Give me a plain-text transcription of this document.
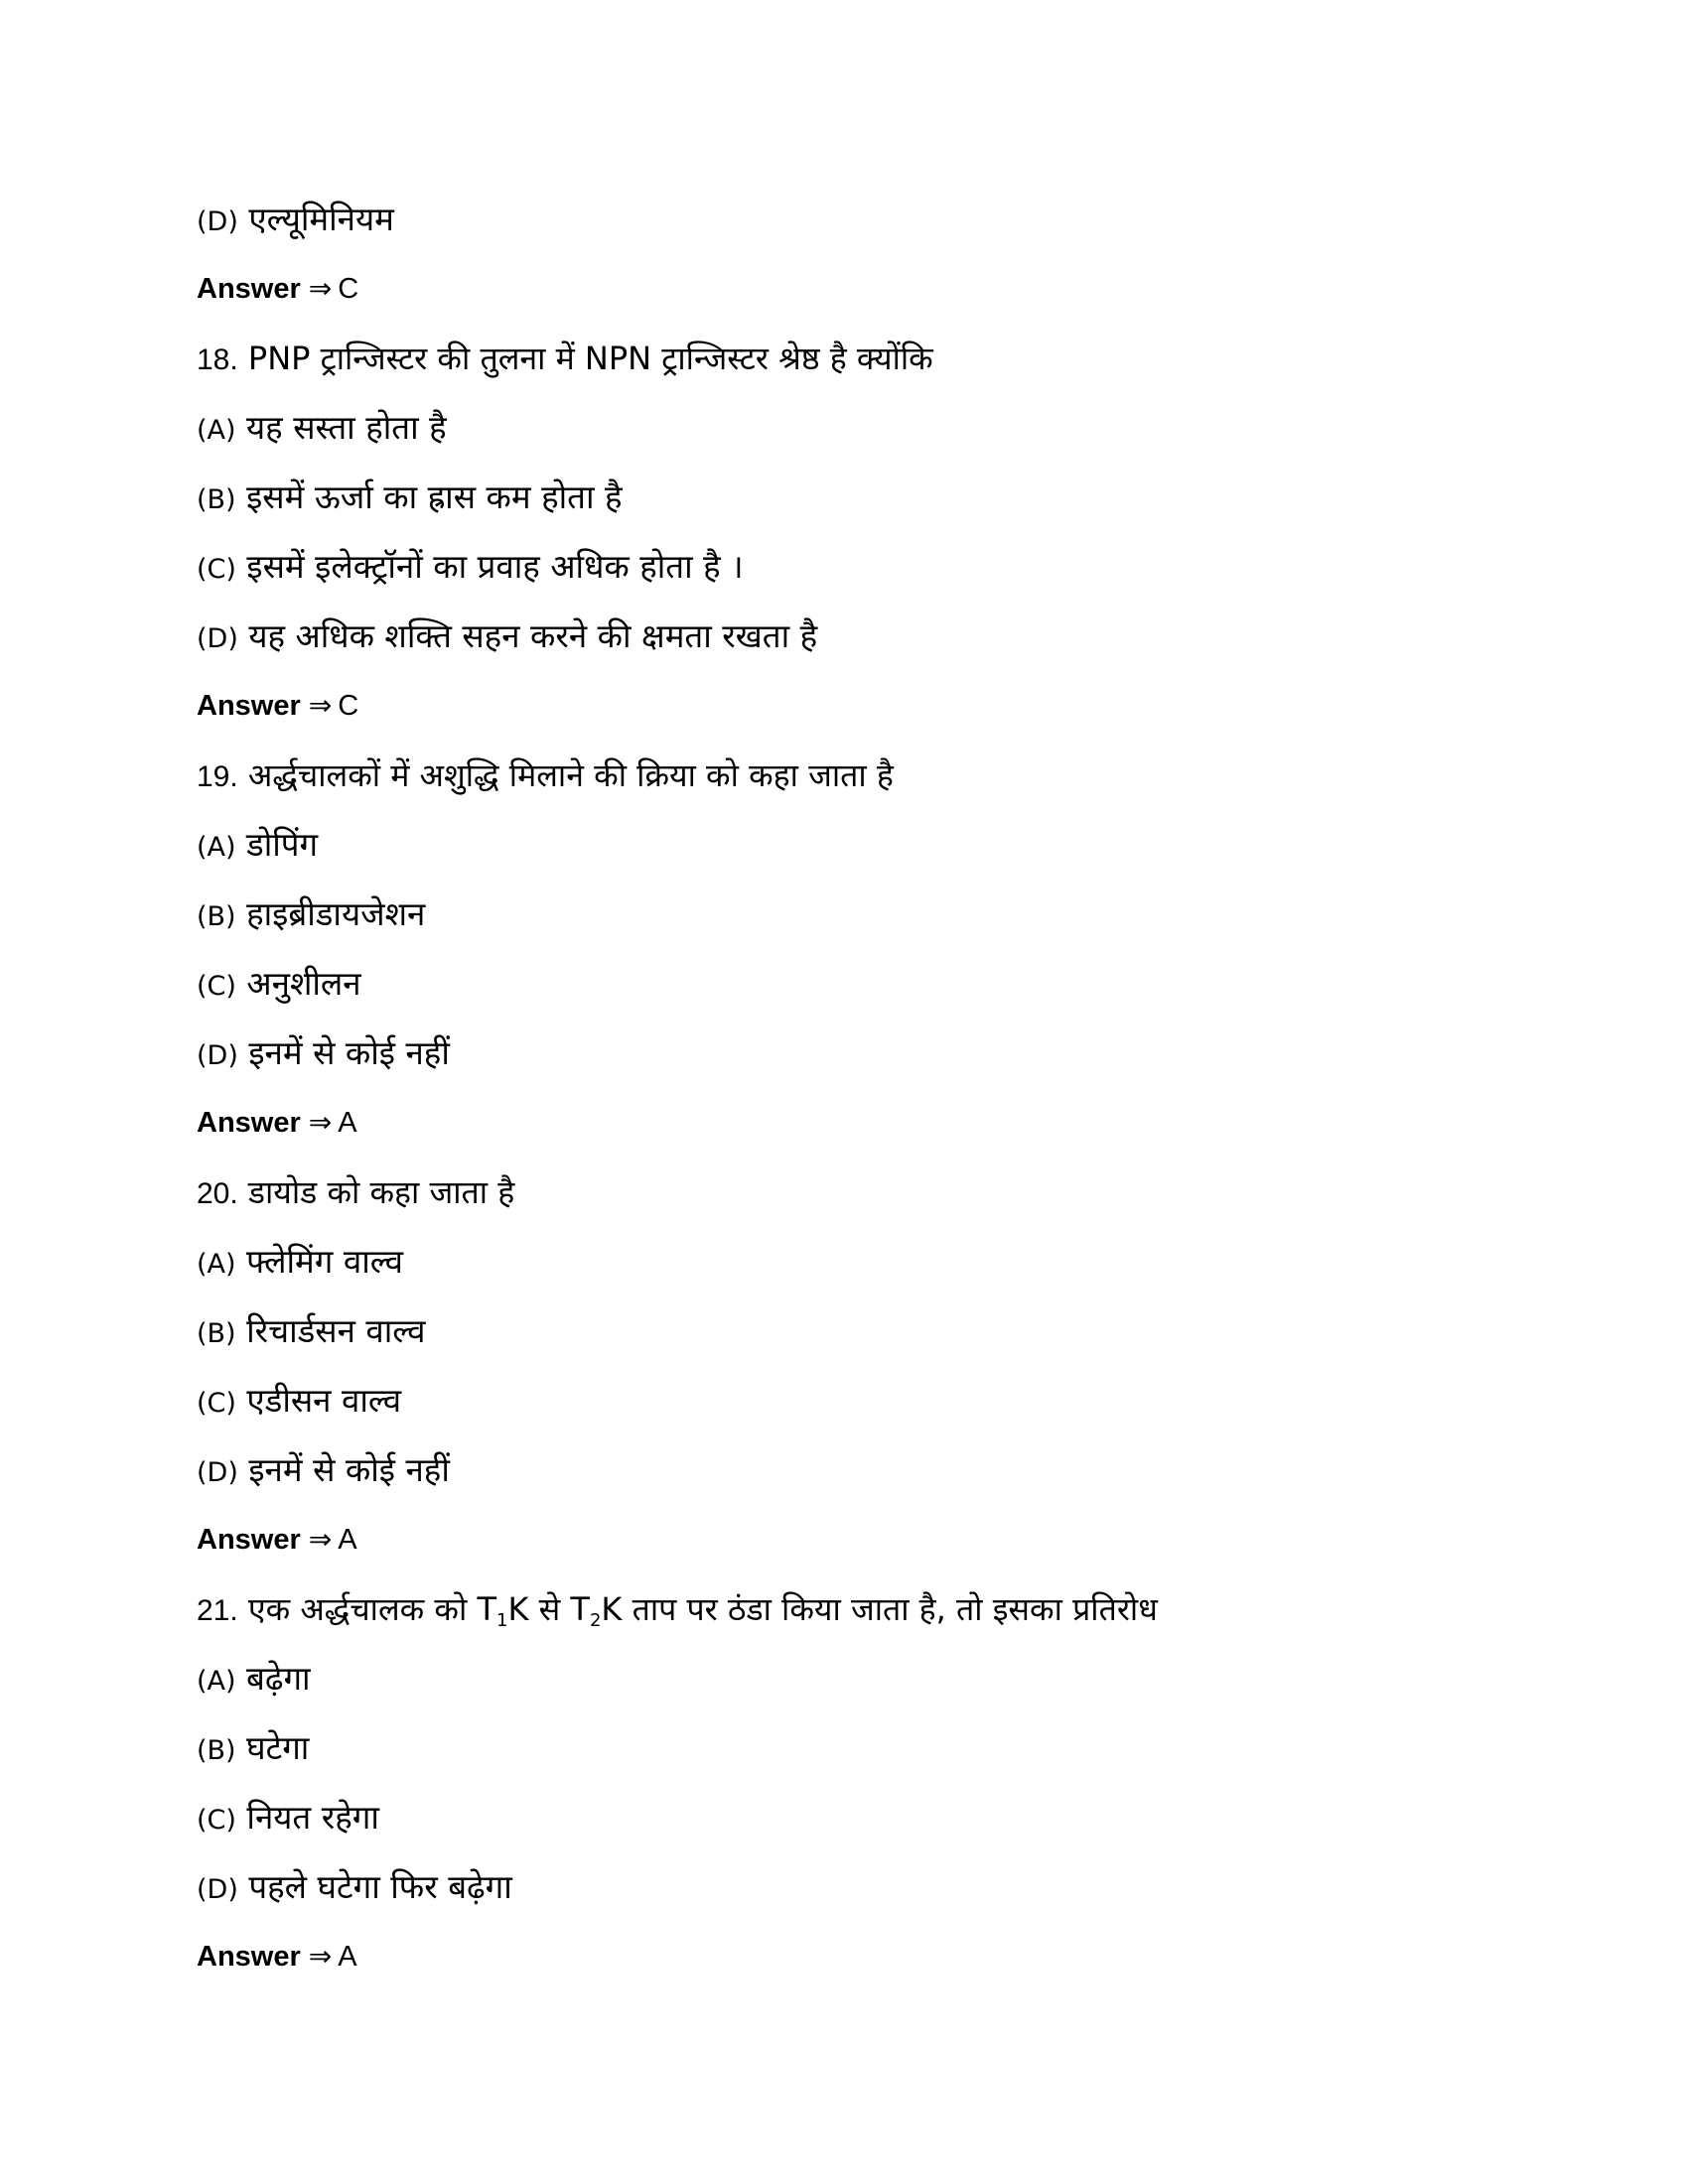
(D) एल्यूमिनियम
Answer ⇒ C
18. PNP ट्रान्जिस्टर की तुलना में NPN ट्रान्जिस्टर श्रेष्ठ है क्योंकि
(A) यह सस्ता होता है
(B) इसमें ऊर्जा का ह्रास कम होता है
(C) इसमें इलेक्ट्रॉनों का प्रवाह अधिक होता है ।
(D) यह अधिक शक्ति सहन करने की क्षमता रखता है
Answer ⇒ C
19. अर्द्धचालकों में अशुद्धि मिलाने की क्रिया को कहा जाता है
(A) डोपिंग
(B) हाइब्रीडायजेशन
(C) अनुशीलन
(D) इनमें से कोई नहीं
Answer ⇒ A
20. डायोड को कहा जाता है
(A) फ्लेमिंग वाल्व
(B) रिचार्डसन वाल्व
(C) एडीसन वाल्व
(D) इनमें से कोई नहीं
Answer ⇒ A
21. एक अर्द्धचालक को $T_1K$ से $T_2K$ ताप पर ठंडा किया जाता है, तो इसका प्रतिरोध
(A) बढ़ेगा
(B) घटेगा
(C) नियत रहेगा
(D) पहले घटेगा फिर बढ़ेगा
Answer ⇒ A
